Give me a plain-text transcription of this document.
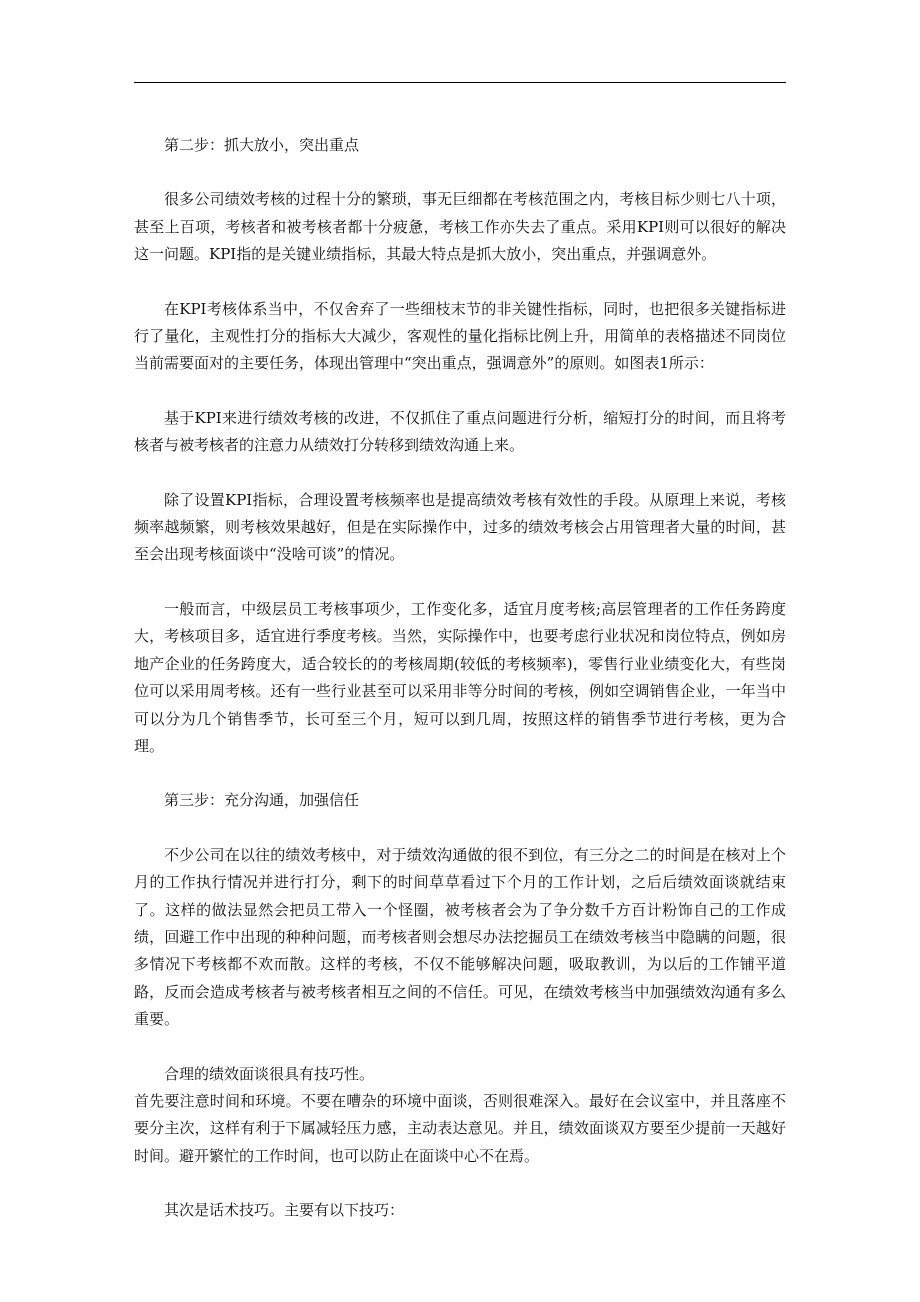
第二步：抓大放小，突出重点

很多公司绩效考核的过程十分的繁琐，事无巨细都在考核范围之内，考核目标少则七八十项，甚至上百项，考核者和被考核者都十分疲惫，考核工作亦失去了重点。采用KPI则可以很好的解决这一问题。KPI指的是关键业绩指标，其最大特点是抓大放小，突出重点，并强调意外。

在KPI考核体系当中，不仅舍弃了一些细枝末节的非关键性指标，同时，也把很多关键指标进行了量化，主观性打分的指标大大减少，客观性的量化指标比例上升，用简单的表格描述不同岗位当前需要面对的主要任务，体现出管理中“突出重点，强调意外”的原则。如图表1所示：

基于KPI来进行绩效考核的改进，不仅抓住了重点问题进行分析，缩短打分的时间，而且将考核者与被考核者的注意力从绩效打分转移到绩效沟通上来。

除了设置KPI指标，合理设置考核频率也是提高绩效考核有效性的手段。从原理上来说，考核频率越频繁，则考核效果越好，但是在实际操作中，过多的绩效考核会占用管理者大量的时间，甚至会出现考核面谈中“没啥可谈”的情况。

一般而言，中级层员工考核事项少，工作变化多，适宜月度考核;高层管理者的工作任务跨度大，考核项目多，适宜进行季度考核。当然，实际操作中，也要考虑行业状况和岗位特点，例如房地产企业的任务跨度大，适合较长的的考核周期(较低的考核频率)，零售行业业绩变化大，有些岗位可以采用周考核。还有一些行业甚至可以采用非等分时间的考核，例如空调销售企业，一年当中可以分为几个销售季节，长可至三个月，短可以到几周，按照这样的销售季节进行考核，更为合理。

第三步：充分沟通，加强信任

不少公司在以往的绩效考核中，对于绩效沟通做的很不到位，有三分之二的时间是在核对上个月的工作执行情况并进行打分，剩下的时间草草看过下个月的工作计划，之后后绩效面谈就结束了。这样的做法显然会把员工带入一个怪圈，被考核者会为了争分数千方百计粉饰自己的工作成绩，回避工作中出现的种种问题，而考核者则会想尽办法挖掘员工在绩效考核当中隐瞒的问题，很多情况下考核都不欢而散。这样的考核，不仅不能够解决问题，吸取教训，为以后的工作铺平道路，反而会造成考核者与被考核者相互之间的不信任。可见，在绩效考核当中加强绩效沟通有多么重要。

合理的绩效面谈很具有技巧性。

首先要注意时间和环境。不要在嘈杂的环境中面谈，否则很难深入。最好在会议室中，并且落座不要分主次，这样有利于下属减轻压力感，主动表达意见。并且，绩效面谈双方要至少提前一天越好时间。避开繁忙的工作时间，也可以防止在面谈中心不在焉。

其次是话术技巧。主要有以下技巧：
